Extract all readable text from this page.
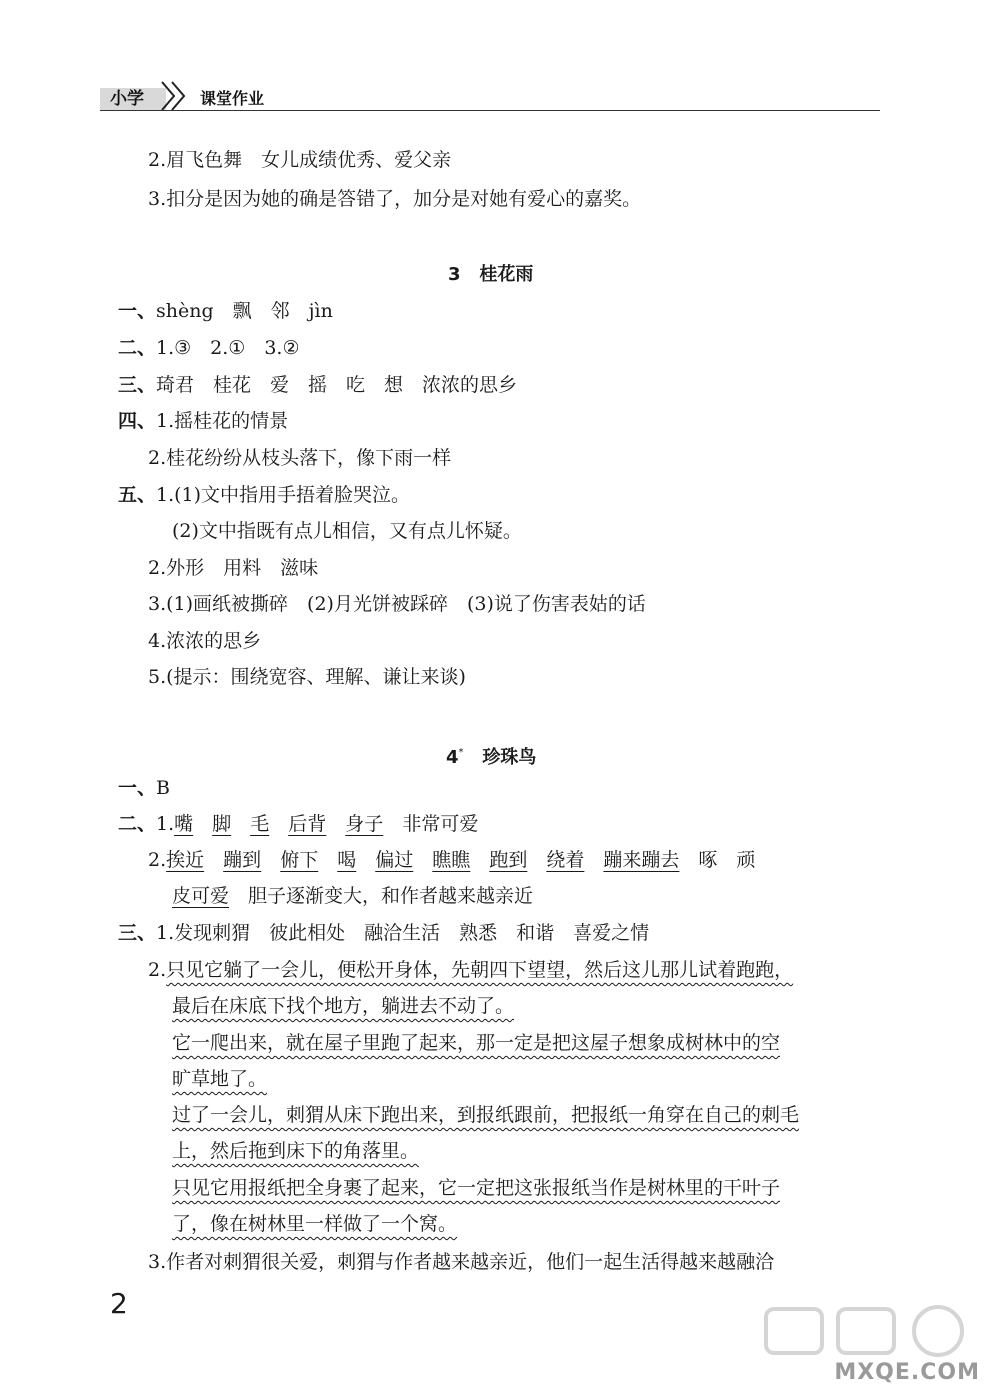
小学	课堂作业
2.眉飞色舞　女儿成绩优秀、爱父亲
3.扣分是因为她的确是答错了，加分是对她有爱心的嘉奖。
3 桂花雨
一、shèng　飘　邻　jìn
二、1.③　2.①　3.②
三、琦君　桂花　爱　摇　吃　想　浓浓的思乡
四、1.摇桂花的情景
2.桂花纷纷从枝头落下，像下雨一样
五、1.(1)文中指用手捂着脸哭泣。
(2)文中指既有点儿相信，又有点儿怀疑。
2.外形　用料　滋味
3.(1)画纸被撕碎　(2)月光饼被踩碎　(3)说了伤害表姑的话
4.浓浓的思乡
5.(提示：围绕宽容、理解、谦让来谈)
4* 珍珠鸟
一、B
二、1.嘴　 脚　 毛　 后背　 身子　 非常可爱
2.挨近　 蹦到　 俯下　 喝　 偏过　 瞧瞧　 跑到　 绕着　 蹦来蹦去　 啄　顽
皮可爱　 胆子逐渐变大，和作者越来越亲近
三、1.发现刺猬　彼此相处　融洽生活　熟悉　和谐　喜爱之情
2.只见它躺了一会儿，便松开身体，先朝四下望望，然后这儿那儿试着跑跑，
最后在床底下找个地方，躺进去不动了。
它一爬出来，就在屋子里跑了起来，那一定是把这屋子想象成树林中的空
旷草地了。
过了一会儿，刺猬从床下跑出来，到报纸跟前，把报纸一角穿在自己的刺毛
上，然后拖到床下的角落里。
只见它用报纸把全身裹了起来，它一定把这张报纸当作是树林里的干叶子
了，像在树林里一样做了一个窝。
3.作者对刺猬很关爱，刺猬与作者越来越亲近，他们一起生活得越来越融洽
2
MXQE.COM
